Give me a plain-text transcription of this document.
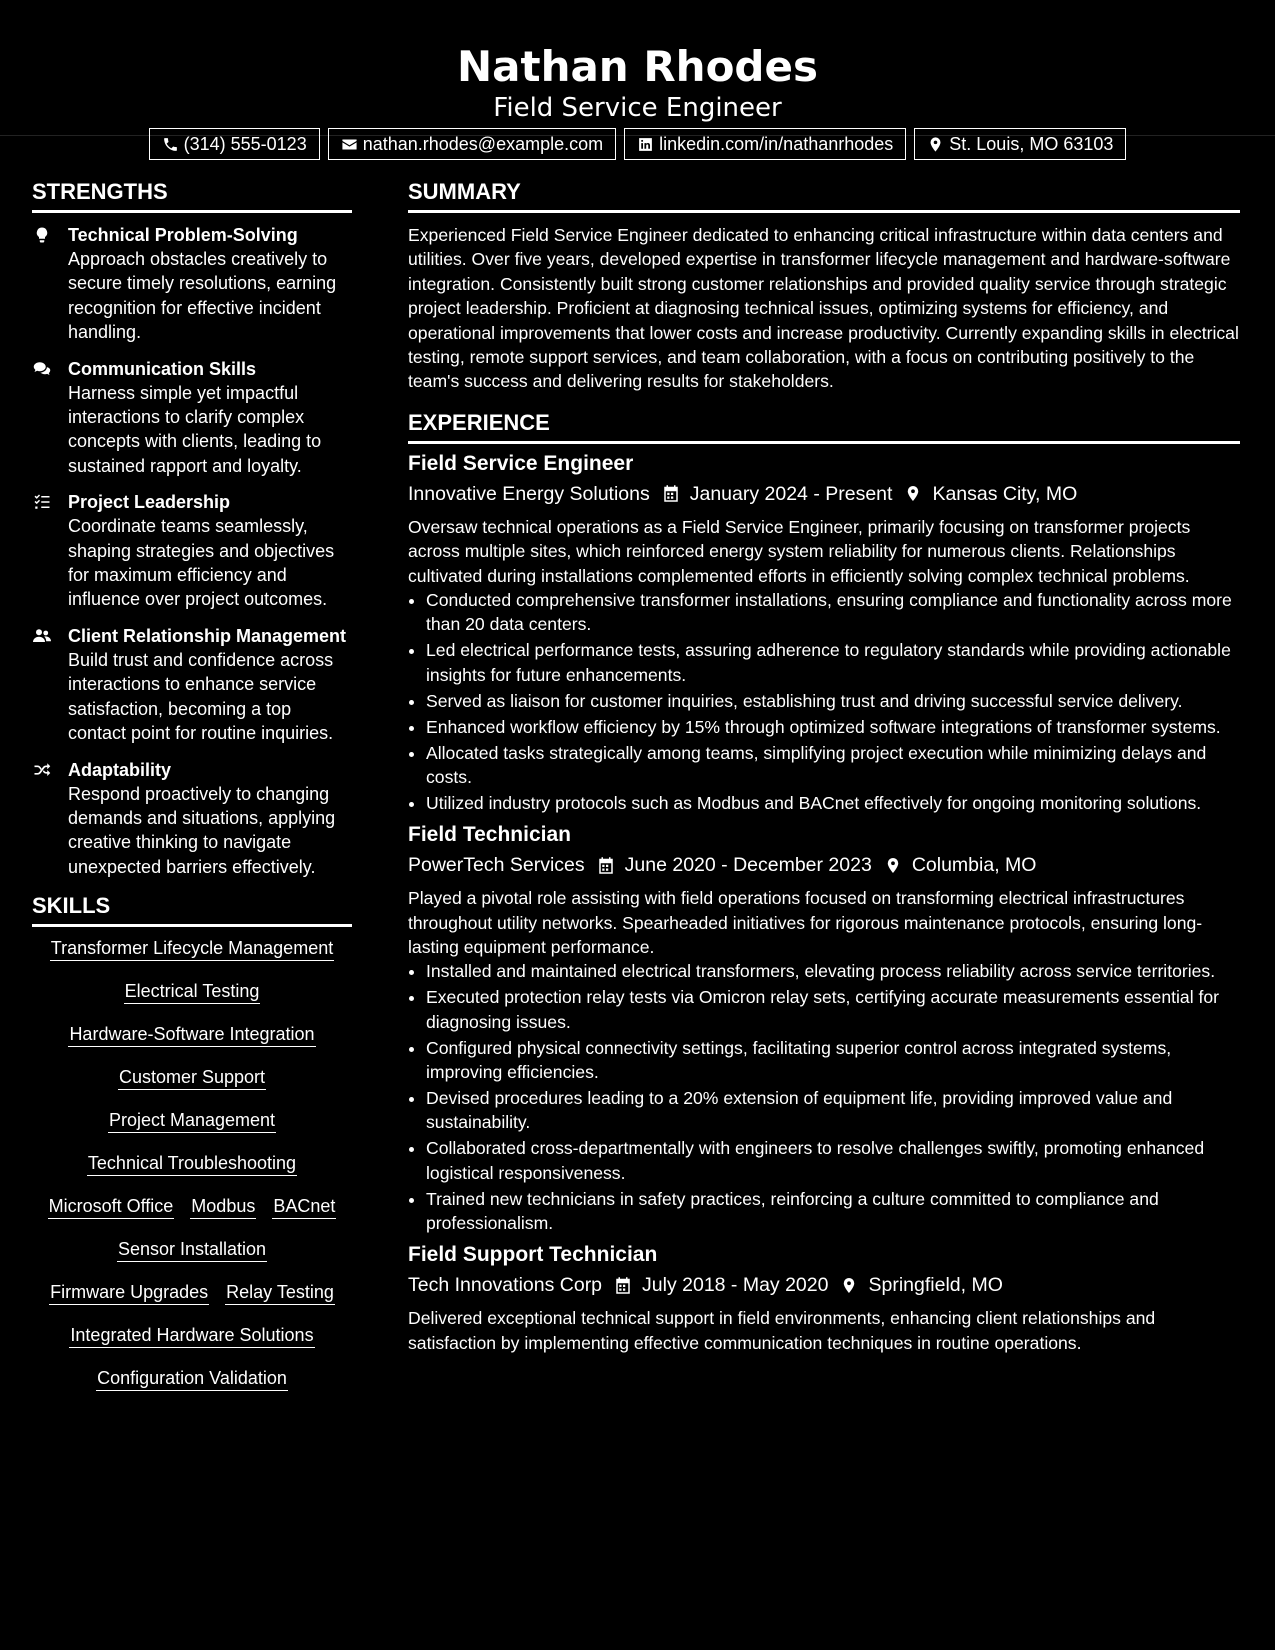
Nathan Rhodes
Field Service Engineer
(314) 555-0123	nathan.rhodes@example.com	linkedin.com/in/nathanrhodes	St. Louis, MO 63103
STRENGTHS
Technical Problem-Solving
Approach obstacles creatively to secure timely resolutions, earning recognition for effective incident handling.
Communication Skills
Harness simple yet impactful interactions to clarify complex concepts with clients, leading to sustained rapport and loyalty.
Project Leadership
Coordinate teams seamlessly, shaping strategies and objectives for maximum efficiency and influence over project outcomes.
Client Relationship Management
Build trust and confidence across interactions to enhance service satisfaction, becoming a top contact point for routine inquiries.
Adaptability
Respond proactively to changing demands and situations, applying creative thinking to navigate unexpected barriers effectively.
SKILLS
Transformer Lifecycle Management
Electrical Testing
Hardware-Software Integration
Customer Support
Project Management
Technical Troubleshooting
Microsoft Office Modbus BACnet
Sensor Installation
Firmware Upgrades Relay Testing
Integrated Hardware Solutions
Configuration Validation
SUMMARY
Experienced Field Service Engineer dedicated to enhancing critical infrastructure within data centers and utilities. Over five years, developed expertise in transformer lifecycle management and hardware-software integration. Consistently built strong customer relationships and provided quality service through strategic project leadership. Proficient at diagnosing technical issues, optimizing systems for efficiency, and operational improvements that lower costs and increase productivity. Currently expanding skills in electrical testing, remote support services, and team collaboration, with a focus on contributing positively to the team's success and delivering results for stakeholders.
EXPERIENCE
Field Service Engineer
Innovative Energy Solutions January 2024 - Present Kansas City, MO
Oversaw technical operations as a Field Service Engineer, primarily focusing on transformer projects across multiple sites, which reinforced energy system reliability for numerous clients. Relationships cultivated during installations complemented efforts in efficiently solving complex technical problems.
• Conducted comprehensive transformer installations, ensuring compliance and functionality across more than 20 data centers.
• Led electrical performance tests, assuring adherence to regulatory standards while providing actionable insights for future enhancements.
• Served as liaison for customer inquiries, establishing trust and driving successful service delivery.
• Enhanced workflow efficiency by 15% through optimized software integrations of transformer systems.
• Allocated tasks strategically among teams, simplifying project execution while minimizing delays and costs.
• Utilized industry protocols such as Modbus and BACnet effectively for ongoing monitoring solutions.
Field Technician
PowerTech Services June 2020 - December 2023 Columbia, MO
Played a pivotal role assisting with field operations focused on transforming electrical infrastructures throughout utility networks. Spearheaded initiatives for rigorous maintenance protocols, ensuring long-lasting equipment performance.
• Installed and maintained electrical transformers, elevating process reliability across service territories.
• Executed protection relay tests via Omicron relay sets, certifying accurate measurements essential for diagnosing issues.
• Configured physical connectivity settings, facilitating superior control across integrated systems, improving efficiencies.
• Devised procedures leading to a 20% extension of equipment life, providing improved value and sustainability.
• Collaborated cross-departmentally with engineers to resolve challenges swiftly, promoting enhanced logistical responsiveness.
• Trained new technicians in safety practices, reinforcing a culture committed to compliance and professionalism.
Field Support Technician
Tech Innovations Corp July 2018 - May 2020 Springfield, MO
Delivered exceptional technical support in field environments, enhancing client relationships and satisfaction by implementing effective communication techniques in routine operations.
